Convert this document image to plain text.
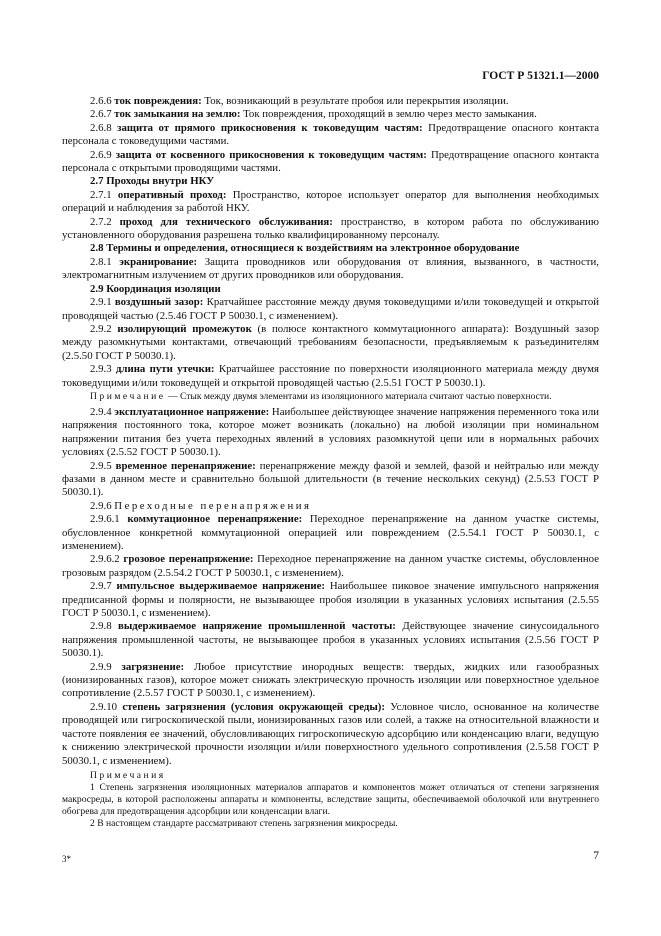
ГОСТ Р 51321.1—2000

2.6.6 ток повреждения: Ток, возникающий в результате пробоя или перекрытия изоляции.

2.6.7 ток замыкания на землю: Ток повреждения, проходящий в землю через место замыкания.

2.6.8 защита от прямого прикосновения к токоведущим частям: Предотвращение опасного контакта персонала с токоведущими частями.

2.6.9 защита от косвенного прикосновения к токоведущим частям: Предотвращение опасного контакта персонала с открытыми проводящими частями.

2.7 Проходы внутри НКУ

2.7.1 оперативный проход: Пространство, которое использует оператор для выполнения необходимых операций и наблюдения за работой НКУ.

2.7.2 проход для технического обслуживания: пространство, в котором работа по обслуживанию установленного оборудования разрешена только квалифицированному персоналу.

2.8 Термины и определения, относящиеся к воздействиям на электронное оборудование

2.8.1 экранирование: Защита проводников или оборудования от влияния, вызванного, в частности, электромагнитным излучением от других проводников или оборудования.

2.9 Координация изоляции

2.9.1 воздушный зазор: Кратчайшее расстояние между двумя токоведущими и/или токоведущей и открытой проводящей частью (2.5.46 ГОСТ Р 50030.1, с изменением).

2.9.2 изолирующий промежуток (в полюсе контактного коммутационного аппарата): Воздушный зазор между разомкнутыми контактами, отвечающий требованиям безопасности, предъявляемым к разъединителям (2.5.50 ГОСТ Р 50030.1).

2.9.3 длина пути утечки: Кратчайшее расстояние по поверхности изоляционного материала между двумя токоведущими и/или токоведущей и открытой проводящей частью (2.5.51 ГОСТ Р 50030.1).

Примечание — Стык между двумя элементами из изоляционного материала считают частью поверхности.

2.9.4 эксплуатационное напряжение: Наибольшее действующее значение напряжения переменного тока или напряжения постоянного тока, которое может возникать (локально) на любой изоляции при номинальном напряжении питания без учета переходных явлений в условиях разомкнутой цепи или в нормальных рабочих условиях (2.5.52 ГОСТ Р 50030.1).

2.9.5 временное перенапряжение: перенапряжение между фазой и землей, фазой и нейтралью или между фазами в данном месте и сравнительно большой длительности (в течение нескольких секунд) (2.5.53 ГОСТ Р 50030.1).

2.9.6 Переходные перенапряжения

2.9.6.1 коммутационное перенапряжение: Переходное перенапряжение на данном участке системы, обусловленное конкретной коммутационной операцией или повреждением (2.5.54.1 ГОСТ Р 50030.1, с изменением).

2.9.6.2 грозовое перенапряжение: Переходное перенапряжение на данном участке системы, обусловленное грозовым разрядом (2.5.54.2 ГОСТ Р 50030.1, с изменением).

2.9.7 импульсное выдерживаемое напряжение: Наибольшее пиковое значение импульсного напряжения предписанной формы и полярности, не вызывающее пробоя изоляции в указанных условиях испытания (2.5.55 ГОСТ Р 50030.1, с изменением).

2.9.8 выдерживаемое напряжение промышленной частоты: Действующее значение синусоидального напряжения промышленной частоты, не вызывающее пробоя в указанных условиях испытания (2.5.56 ГОСТ Р 50030.1).

2.9.9 загрязнение: Любое присутствие инородных веществ: твердых, жидких или газообразных (ионизированных газов), которое может снижать электрическую прочность изоляции или поверхностное удельное сопротивление (2.5.57 ГОСТ Р 50030.1, с изменением).

2.9.10 степень загрязнения (условия окружающей среды): Условное число, основанное на количестве проводящей или гигроскопической пыли, ионизированных газов или солей, а также на относительной влажности и частоте появления ее значений, обусловливающих гигроскопическую адсорбцию или конденсацию влаги, ведущую к снижению электрической прочности изоляции и/или поверхностного удельного сопротивления (2.5.58 ГОСТ Р 50030.1, с изменением).

Примечания

1 Степень загрязнения изоляционных материалов аппаратов и компонентов может отличаться от степени загрязнения макросреды, в которой расположены аппараты и компоненты, вследствие защиты, обеспечиваемой оболочкой или внутреннего обогрева для предотвращения адсорбции или конденсации влаги.

2 В настоящем стандарте рассматривают степень загрязнения микросреды.

3*	7
